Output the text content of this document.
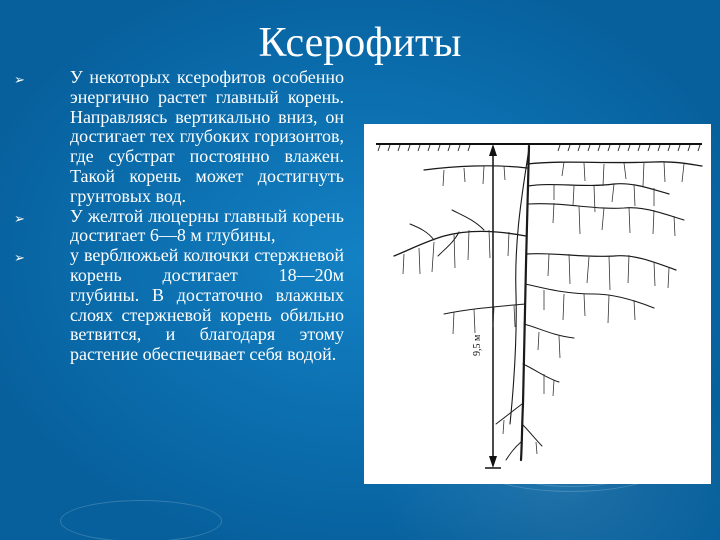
Ксерофиты
➢	У некоторых ксерофитов особенно энергично растет главный корень. Направляясь вертикально вниз, он достигает тех глубоких горизонтов, где субстрат постоянно влажен. Такой корень может достигнуть грунтовых вод.
➢	У желтой люцерны главный корень достигает 6—8 м глубины,
➢	у верблюжьей колючки стержневой корень достигает 18—20м глубины. В достаточно влажных слоях стержневой корень обильно ветвится, и благодаря этому растение обеспечивает себя водой.	9,5 м
